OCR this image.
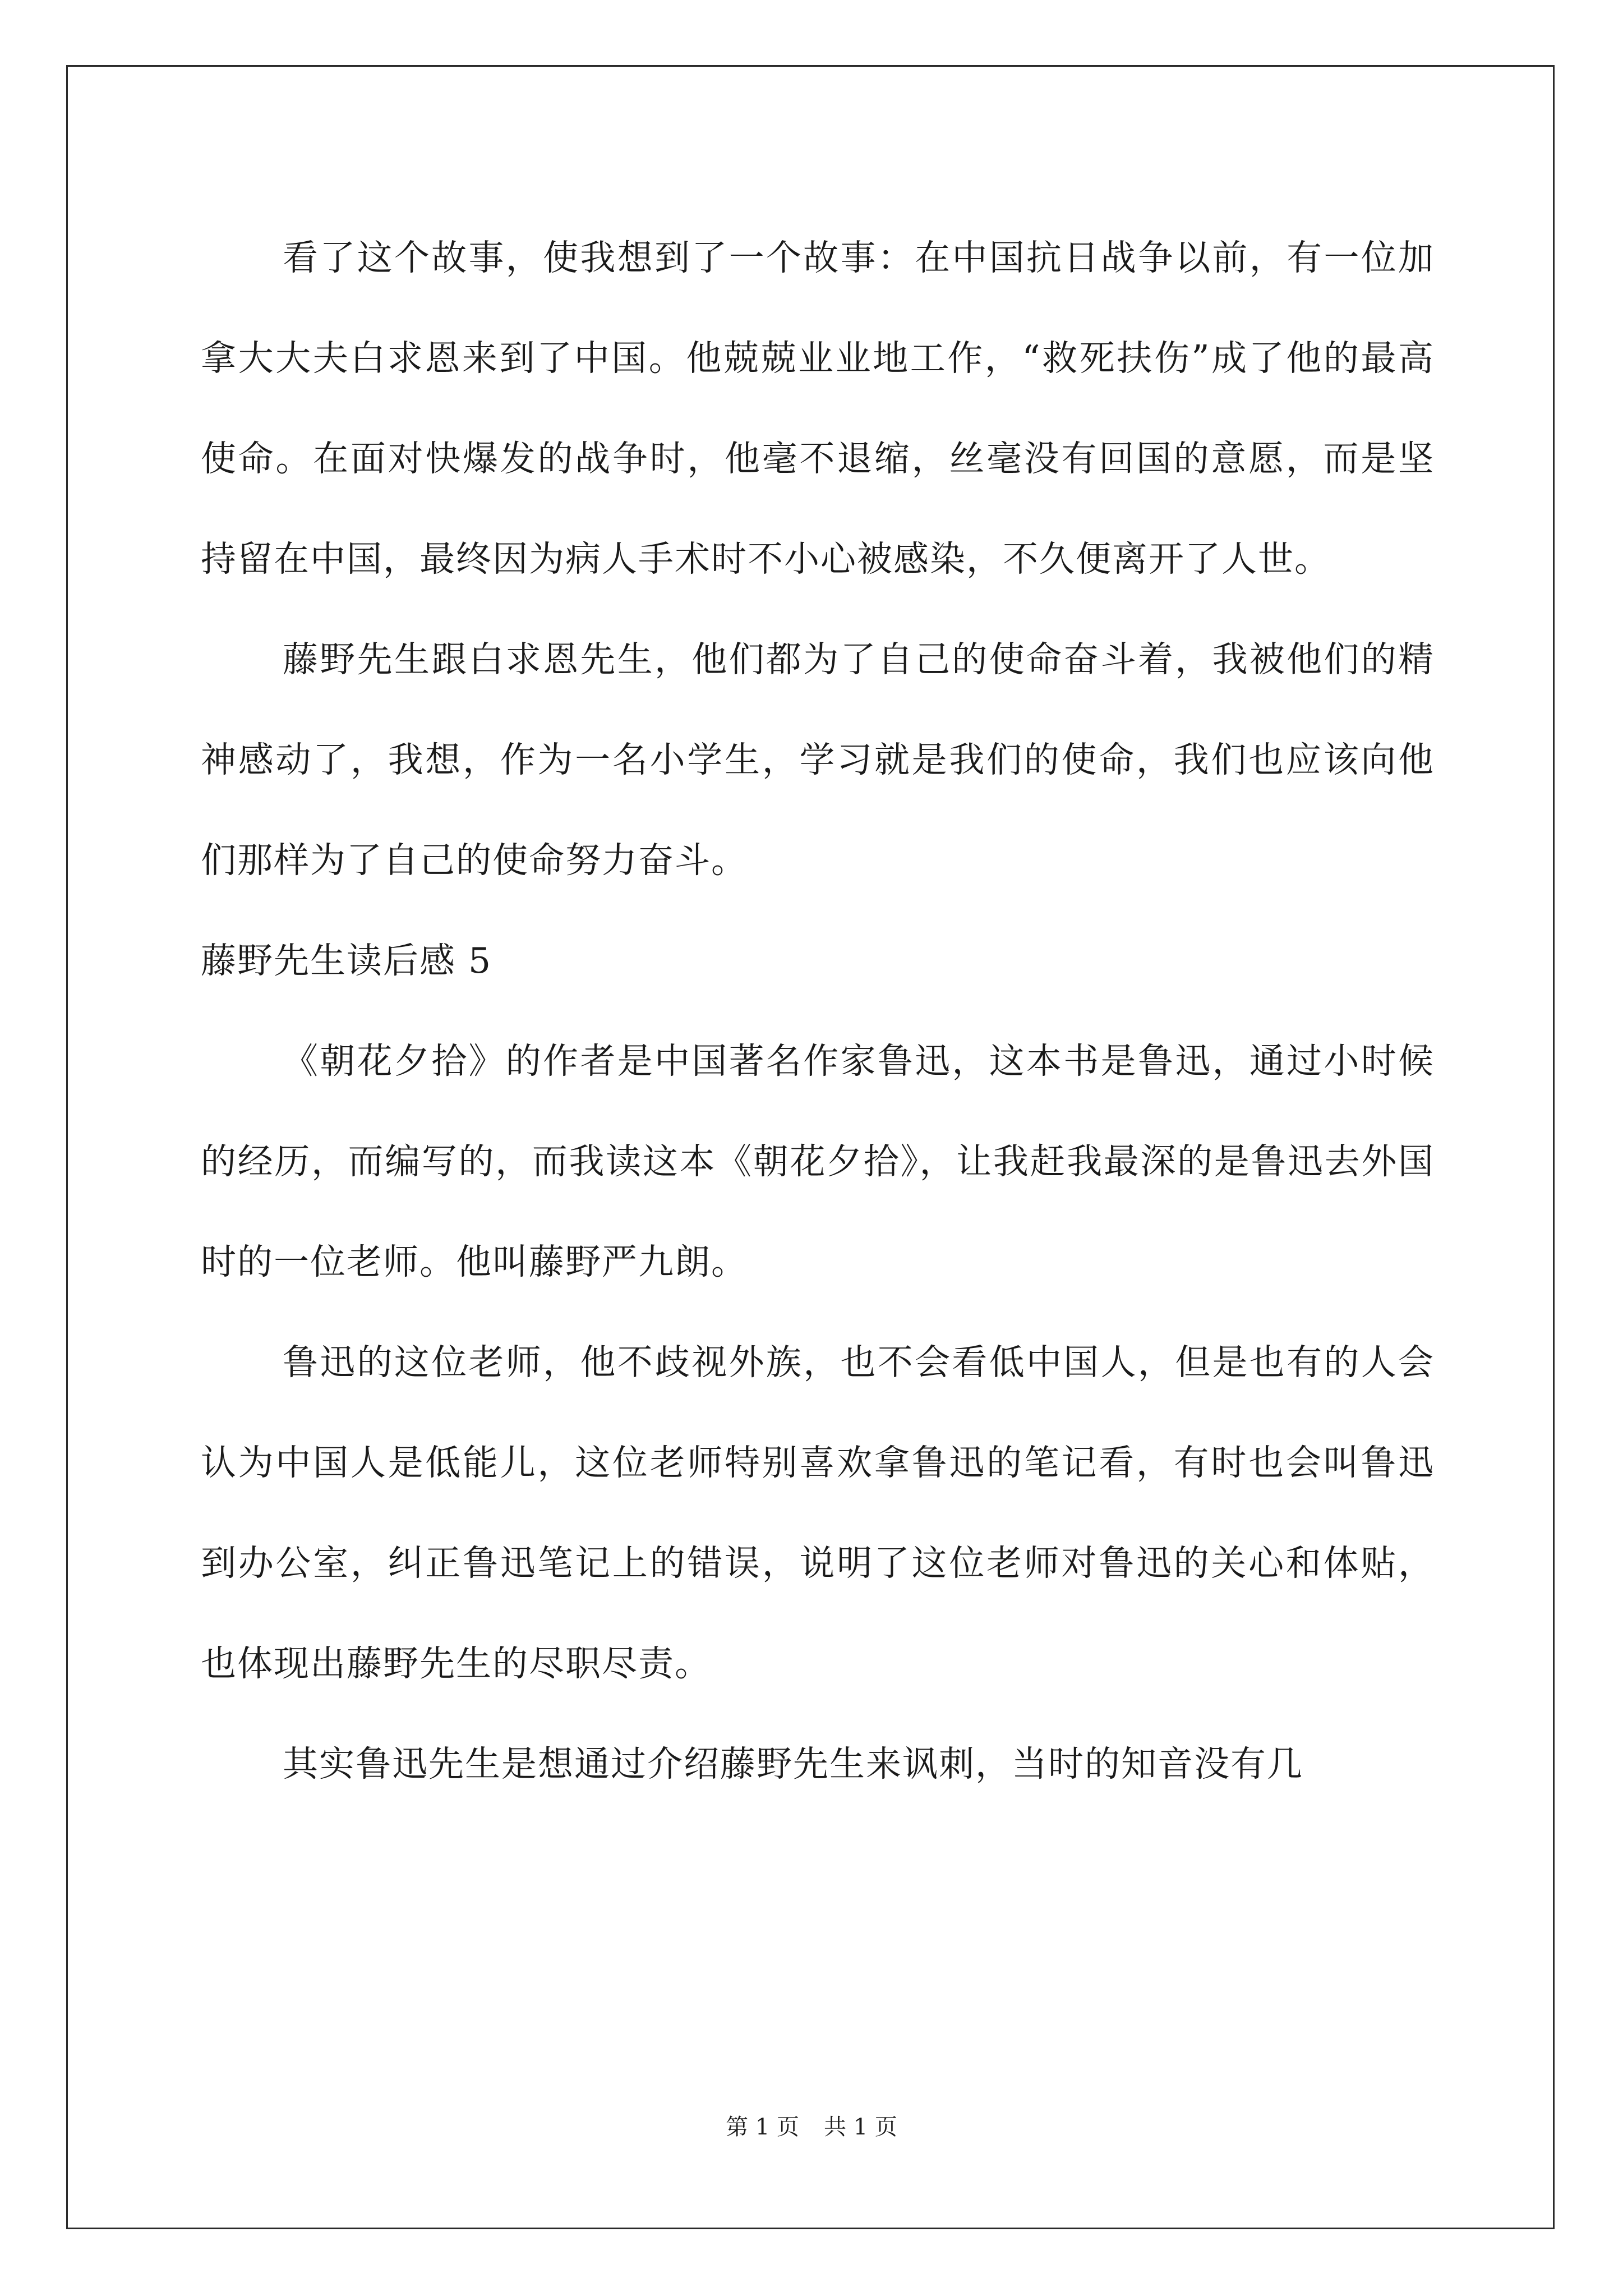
看了这个故事，使我想到了一个故事：在中国抗日战争以前，有一位加拿大大夫白求恩来到了中国。他兢兢业业地工作，“救死扶伤”成了他的最高使命。在面对快爆发的战争时，他毫不退缩，丝毫没有回国的意愿，而是坚持留在中国，最终因为病人手术时不小心被感染，不久便离开了人世。

藤野先生跟白求恩先生，他们都为了自己的使命奋斗着，我被他们的精神感动了，我想，作为一名小学生，学习就是我们的使命，我们也应该向他们那样为了自己的使命努力奋斗。

藤野先生读后感 5

《朝花夕拾》的作者是中国著名作家鲁迅，这本书是鲁迅，通过小时候的经历，而编写的，而我读这本《朝花夕拾》，让我赶我最深的是鲁迅去外国时的一位老师。他叫藤野严九朗。

鲁迅的这位老师，他不歧视外族，也不会看低中国人，但是也有的人会认为中国人是低能儿，这位老师特别喜欢拿鲁迅的笔记看，有时也会叫鲁迅到办公室，纠正鲁迅笔记上的错误，说明了这位老师对鲁迅的关心和体贴，也体现出藤野先生的尽职尽责。

其实鲁迅先生是想通过介绍藤野先生来讽刺，当时的知音没有几

第 1 页 共 1 页
